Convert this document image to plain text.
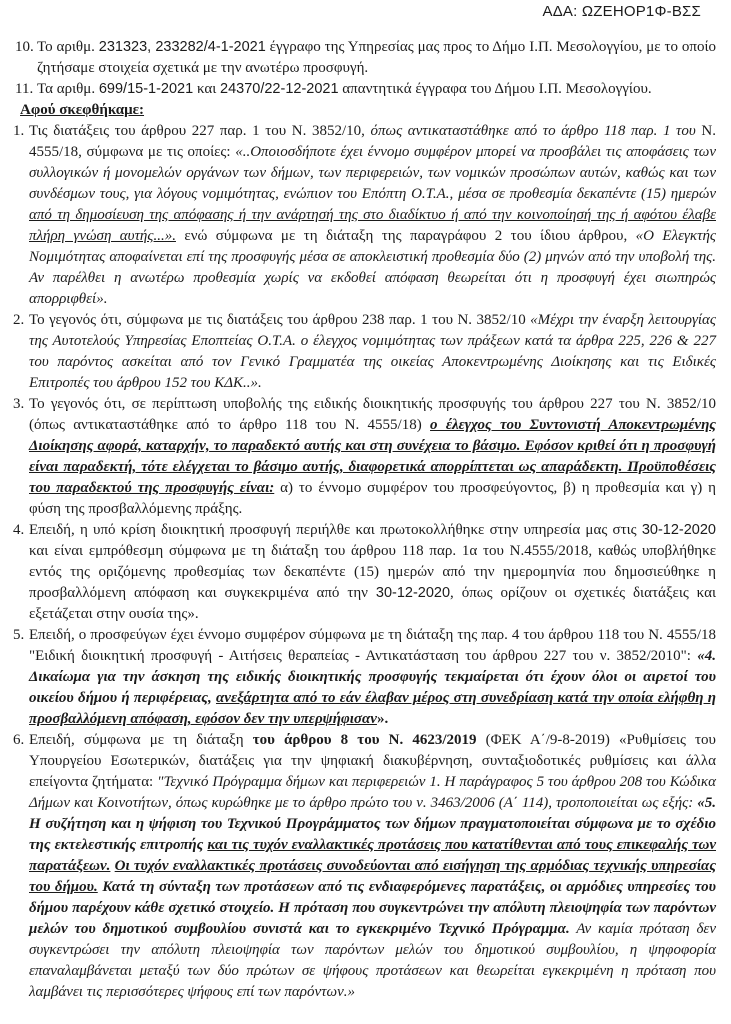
ΑΔΑ: ΩΖΕΗΟΡ1Φ-ΒΣΣ
10. Το αριθμ. 231323, 233282/4-1-2021 έγγραφο της Υπηρεσίας μας προς το Δήμο Ι.Π. Μεσολογγίου, με το οποίο ζητήσαμε στοιχεία σχετικά με την ανωτέρω προσφυγή.
11. Τα αριθμ. 699/15-1-2021 και 24370/22-12-2021 απαντητικά έγγραφα του Δήμου Ι.Π. Μεσολογγίου.
Αφού σκεφθήκαμε:
1. Τις διατάξεις του άρθρου 227 παρ. 1 του Ν. 3852/10, όπως αντικαταστάθηκε από το άρθρο 118 παρ. 1 του Ν. 4555/18, σύμφωνα με τις οποίες: «..Οποιοσδήποτε έχει έννομο συμφέρον μπορεί να προσβάλει τις αποφάσεις των συλλογικών ή μονομελών οργάνων των δήμων, των περιφερειών, των νομικών προσώπων αυτών, καθώς και των συνδέσμων τους, για λόγους νομιμότητας, ενώπιον του Επόπτη Ο.Τ.Α., μέσα σε προθεσμία δεκαπέντε (15) ημερών από τη δημοσίευση της απόφασης ή την ανάρτησή της στο διαδίκτυο ή από την κοινοποίησή της ή αφότου έλαβε πλήρη γνώση αυτής...». ενώ σύμφωνα με τη διάταξη της παραγράφου 2 του ίδιου άρθρου, «Ο Ελεγκτής Νομιμότητας αποφαίνεται επί της προσφυγής μέσα σε αποκλειστική προθεσμία δύο (2) μηνών από την υποβολή της. Αν παρέλθει η ανωτέρω προθεσμία χωρίς να εκδοθεί απόφαση θεωρείται ότι η προσφυγή έχει σιωπηρώς απορριφθεί».
2. Το γεγονός ότι, σύμφωνα με τις διατάξεις του άρθρου 238 παρ. 1 του Ν. 3852/10 «Μέχρι την έναρξη λειτουργίας της Αυτοτελούς Υπηρεσίας Εποπτείας Ο.Τ.Α. ο έλεγχος νομιμότητας των πράξεων κατά τα άρθρα 225, 226 & 227 του παρόντος ασκείται από τον Γενικό Γραμματέα της οικείας Αποκεντρωμένης Διοίκησης και τις Ειδικές Επιτροπές του άρθρου 152 του ΚΔΚ..».
3. Το γεγονός ότι, σε περίπτωση υποβολής της ειδικής διοικητικής προσφυγής του άρθρου 227 του Ν. 3852/10 (όπως αντικαταστάθηκε από το άρθρο 118 του Ν. 4555/18) ο έλεγχος του Συντονιστή Αποκεντρωμένης Διοίκησης αφορά, καταρχήν, το παραδεκτό αυτής και στη συνέχεια το βάσιμο. Εφόσον κριθεί ότι η προσφυγή είναι παραδεκτή, τότε ελέγχεται το βάσιμο αυτής, διαφορετικά απορρίπτεται ως απαράδεκτη. Προϋποθέσεις του παραδεκτού της προσφυγής είναι: α) το έννομο συμφέρον του προσφεύγοντος, β) η προθεσμία και γ) η φύση της προσβαλλόμενης πράξης.
4. Επειδή, η υπό κρίση διοικητική προσφυγή περιήλθε και πρωτοκολλήθηκε στην υπηρεσία μας στις 30-12-2020 και είναι εμπρόθεσμη σύμφωνα με τη διάταξη του άρθρου 118 παρ. 1α του Ν.4555/2018, καθώς υποβλήθηκε εντός της οριζόμενης προθεσμίας των δεκαπέντε (15) ημερών από την ημερομηνία που δημοσιεύθηκε η προσβαλλόμενη απόφαση και συγκεκριμένα από την 30-12-2020, όπως ορίζουν οι σχετικές διατάξεις και εξετάζεται στην ουσία της».
5. Επειδή, ο προσφεύγων έχει έννομο συμφέρον σύμφωνα με τη διάταξη της παρ. 4 του άρθρου 118 του Ν. 4555/18 "Ειδική διοικητική προσφυγή - Αιτήσεις θεραπείας - Αντικατάσταση του άρθρου 227 του ν. 3852/2010": «4. Δικαίωμα για την άσκηση της ειδικής διοικητικής προσφυγής τεκμαίρεται ότι έχουν όλοι οι αιρετοί του οικείου δήμου ή περιφέρειας, ανεξάρτητα από το εάν έλαβαν μέρος στη συνεδρίαση κατά την οποία ελήφθη η προσβαλλόμενη απόφαση, εφόσον δεν την υπερψήφισαν».
6. Επειδή, σύμφωνα με τη διάταξη του άρθρου 8 του Ν. 4623/2019 (ΦΕΚ Α΄/9-8-2019) «Ρυθμίσεις του Υπουργείου Εσωτερικών, διατάξεις για την ψηφιακή διακυβέρνηση, συνταξιοδοτικές ρυθμίσεις και άλλα επείγοντα ζητήματα: "Τεχνικό Πρόγραμμα δήμων και περιφερειών 1. Η παράγραφος 5 του άρθρου 208 του Κώδικα Δήμων και Κοινοτήτων, όπως κυρώθηκε με το άρθρο πρώτο του ν. 3463/2006 (Α΄ 114), τροποποιείται ως εξής: «5. Η συζήτηση και η ψήφιση του Τεχνικού Προγράμματος των δήμων πραγματοποιείται σύμφωνα με το σχέδιο της εκτελεστικής επιτροπής και τις τυχόν εναλλακτικές προτάσεις που κατατίθενται από τους επικεφαλής των παρατάξεων. Οι τυχόν εναλλακτικές προτάσεις συνοδεύονται από εισήγηση της αρμόδιας τεχνικής υπηρεσίας του δήμου. Κατά τη σύνταξη των προτάσεων από τις ενδιαφερόμενες παρατάξεις, οι αρμόδιες υπηρεσίες του δήμου παρέχουν κάθε σχετικό στοιχείο. Η πρόταση που συγκεντρώνει την απόλυτη πλειοψηφία των παρόντων μελών του δημοτικού συμβουλίου συνιστά και το εγκεκριμένο Τεχνικό Πρόγραμμα. Αν καμία πρόταση δεν συγκεντρώσει την απόλυτη πλειοψηφία των παρόντων μελών του δημοτικού συμβουλίου, η ψηφοφορία επαναλαμβάνεται μεταξύ των δύο πρώτων σε ψήφους προτάσεων και θεωρείται εγκεκριμένη η πρόταση που λαμβάνει τις περισσότερες ψήφους επί των παρόντων.»
